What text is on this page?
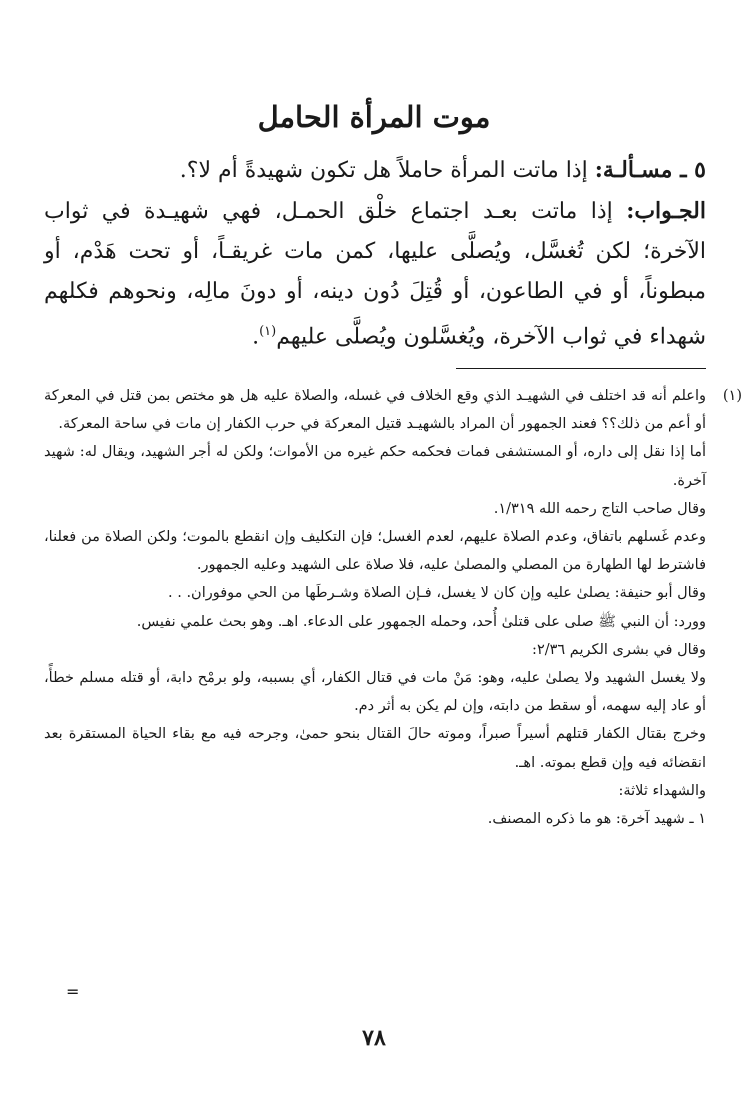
موت المرأة الحامل

٥ ـ مسـألـة: إذا ماتت المرأة حاملاً هل تكون شهيدةً أم لا؟.

الجـواب: إذا ماتت بعـد اجتماع خلْق الحمـل، فهي شهيـدة في ثواب الآخرة؛ لكن تُغسَّل، ويُصلَّى عليها، كمن مات غريقـاً، أو تحت هَدْم، أو مبطوناً، أو في الطاعون، أو قُتِلَ دُون دينه، أو دونَ مالِه، ونحوهم فكلهم شهداء في ثواب الآخرة، ويُغسَّلون ويُصلَّى عليهم$^{(١)}$.

(١)

واعلم أنه قد اختلف في الشهيـد الذي وقع الخلاف في غسله، والصلاة عليه هل هو مختص بمن قتل في المعركة أو أعم من ذلك؟؟ فعند الجمهور أن المراد بالشهيـد قتيل المعركة في حرب الكفار إن مات في ساحة المعركة.

أما إذا نقل إلى داره، أو المستشفى فمات فحكمه حكم غيره من الأموات؛ ولكن له أجر الشهيد، ويقال له: شهيد آخرة.

وقال صاحب التاج رحمه الله ١/٣١٩.

وعدم غَسلهم باتفاق، وعدم الصلاة عليهم، لعدم الغسل؛ فإن التكليف وإن انقطع بالموت؛ ولكن الصلاة من فعلنا، فاشترط لها الطهارة من المصلي والمصلىٰ عليه، فلا صلاة على الشهيد وعليه الجمهور.

وقال أبو حنيفة: يصلىٰ عليه وإن كان لا يغسل، فـإن الصلاة وشـرطَها من الحي موفوران. . .

وورد: أن النبي ﷺ صلى على قتلىٰ أُحد، وحمله الجمهور على الدعاء. اهـ. وهو بحث علمي نفيس.

وقال في بشرى الكريم ٢/٣٦:

ولا يغسل الشهيد ولا يصلىٰ عليه، وهو: مَنْ مات في قتال الكفار، أي بسببه، ولو برمْح دابة، أو قتله مسلم خطأً، أو عاد إليه سهمه، أو سقط من دابته، وإن لم يكن به أثر دم.

وخرج بقتال الكفار قتلهم أسيراً صبراً، وموته حالَ القتال بنحو حمىٰ، وجرحه فيه مع بقاء الحياة المستقرة بعد انقضائه فيه وإن قطع بموته. اهـ.

والشهداء ثلاثة:

١ ـ شهيد آخرة: هو ما ذكره المصنف.

=
٧٨
